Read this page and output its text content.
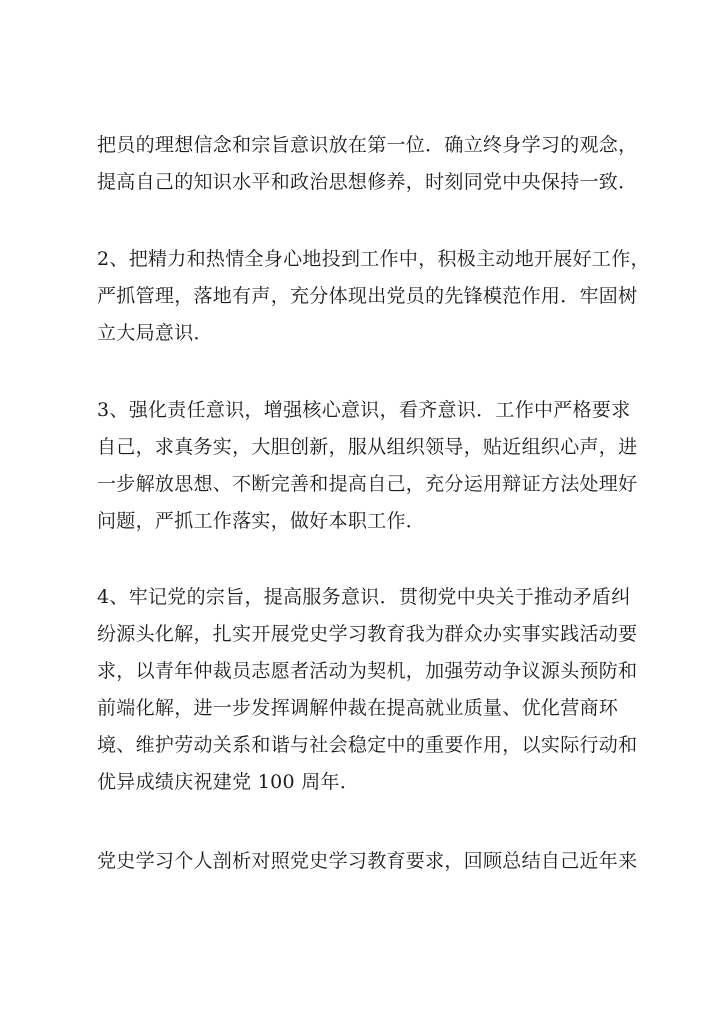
把员的理想信念和宗旨意识放在第一位．确立终身学习的观念，
提高自己的知识水平和政治思想修养，时刻同党中央保持一致．
2、把精力和热情全身心地投到工作中，积极主动地开展好工作，
严抓管理，落地有声，充分体现出党员的先锋模范作用．牢固树
立大局意识．
3、强化责任意识，增强核心意识，看齐意识．工作中严格要求
自己，求真务实，大胆创新，服从组织领导，贴近组织心声，进
一步解放思想、不断完善和提高自己，充分运用辩证方法处理好
问题，严抓工作落实，做好本职工作．
4、牢记党的宗旨，提高服务意识．贯彻党中央关于推动矛盾纠
纷源头化解，扎实开展党史学习教育我为群众办实事实践活动要
求，以青年仲裁员志愿者活动为契机，加强劳动争议源头预防和
前端化解，进一步发挥调解仲裁在提高就业质量、优化营商环
境、维护劳动关系和谐与社会稳定中的重要作用，以实际行动和
优异成绩庆祝建党 100 周年．
党史学习个人剖析对照党史学习教育要求，回顾总结自己近年来
